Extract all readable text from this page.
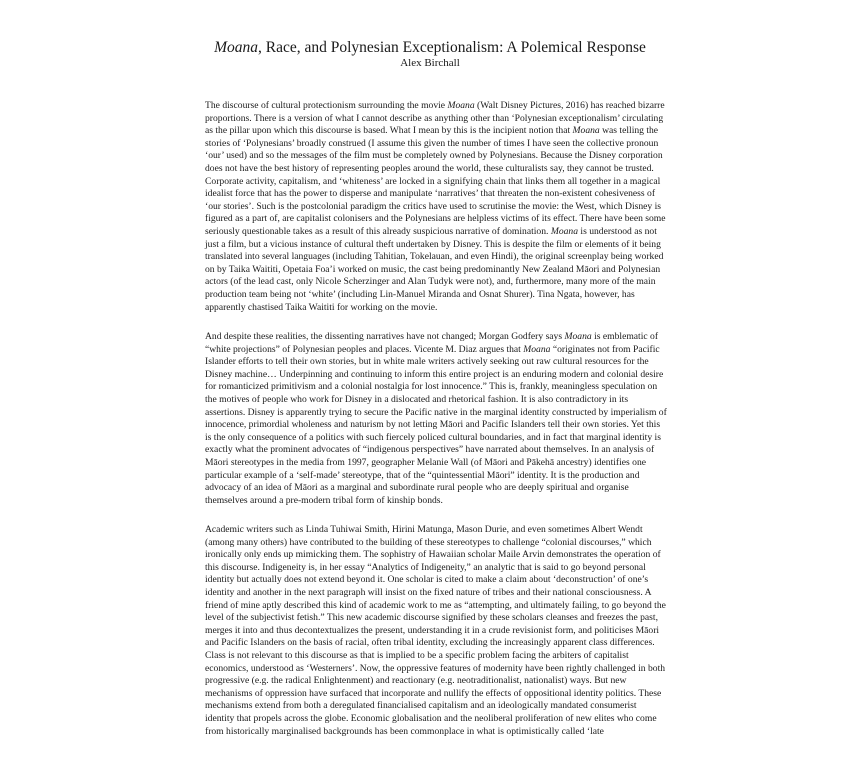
Moana, Race, and Polynesian Exceptionalism: A Polemical Response
Alex Birchall

The discourse of cultural protectionism surrounding the movie Moana (Walt Disney Pictures, 2016) has reached bizarre proportions. There is a version of what I cannot describe as anything other than ‘Polynesian exceptionalism’ circulating as the pillar upon which this discourse is based. What I mean by this is the incipient notion that Moana was telling the stories of ‘Polynesians’ broadly construed (I assume this given the number of times I have seen the collective pronoun ‘our’ used) and so the messages of the film must be completely owned by Polynesians. Because the Disney corporation does not have the best history of representing peoples around the world, these culturalists say, they cannot be trusted. Corporate activity, capitalism, and ‘whiteness’ are locked in a signifying chain that links them all together in a magical idealist force that has the power to disperse and manipulate ‘narratives’ that threaten the non-existent cohesiveness of ‘our stories’. Such is the postcolonial paradigm the critics have used to scrutinise the movie: the West, which Disney is figured as a part of, are capitalist colonisers and the Polynesians are helpless victims of its effect. There have been some seriously questionable takes as a result of this already suspicious narrative of domination. Moana is understood as not just a film, but a vicious instance of cultural theft undertaken by Disney. This is despite the film or elements of it being translated into several languages (including Tahitian, Tokelauan, and even Hindi), the original screenplay being worked on by Taika Waititi, Opetaia Foa’i worked on music, the cast being predominantly New Zealand Māori and Polynesian actors (of the lead cast, only Nicole Scherzinger and Alan Tudyk were not), and, furthermore, many more of the main production team being not ‘white’ (including Lin-Manuel Miranda and Osnat Shurer). Tina Ngata, however, has apparently chastised Taika Waititi for working on the movie.

And despite these realities, the dissenting narratives have not changed; Morgan Godfery says Moana is emblematic of “white projections” of Polynesian peoples and places. Vicente M. Diaz argues that Moana “originates not from Pacific Islander efforts to tell their own stories, but in white male writers actively seeking out raw cultural resources for the Disney machine… Underpinning and continuing to inform this entire project is an enduring modern and colonial desire for romanticized primitivism and a colonial nostalgia for lost innocence.” This is, frankly, meaningless speculation on the motives of people who work for Disney in a dislocated and rhetorical fashion. It is also contradictory in its assertions. Disney is apparently trying to secure the Pacific native in the marginal identity constructed by imperialism of innocence, primordial wholeness and naturism by not letting Māori and Pacific Islanders tell their own stories. Yet this is the only consequence of a politics with such fiercely policed cultural boundaries, and in fact that marginal identity is exactly what the prominent advocates of “indigenous perspectives” have narrated about themselves. In an analysis of Māori stereotypes in the media from 1997, geographer Melanie Wall (of Māori and Pākehā ancestry) identifies one particular example of a ‘self-made’ stereotype, that of the “quintessential Māori” identity. It is the production and advocacy of an idea of Māori as a marginal and subordinate rural people who are deeply spiritual and organise themselves around a pre-modern tribal form of kinship bonds.

Academic writers such as Linda Tuhiwai Smith, Hirini Matunga, Mason Durie, and even sometimes Albert Wendt (among many others) have contributed to the building of these stereotypes to challenge “colonial discourses,” which ironically only ends up mimicking them. The sophistry of Hawaiian scholar Maile Arvin demonstrates the operation of this discourse. Indigeneity is, in her essay “Analytics of Indigeneity,” an analytic that is said to go beyond personal identity but actually does not extend beyond it. One scholar is cited to make a claim about ‘deconstruction’ of one’s identity and another in the next paragraph will insist on the fixed nature of tribes and their national consciousness. A friend of mine aptly described this kind of academic work to me as “attempting, and ultimately failing, to go beyond the level of the subjectivist fetish.” This new academic discourse signified by these scholars cleanses and freezes the past, merges it into and thus decontextualizes the present, understanding it in a crude revisionist form, and politicises Māori and Pacific Islanders on the basis of racial, often tribal identity, excluding the increasingly apparent class differences. Class is not relevant to this discourse as that is implied to be a specific problem facing the arbiters of capitalist economics, understood as ‘Westerners’. Now, the oppressive features of modernity have been rightly challenged in both progressive (e.g. the radical Enlightenment) and reactionary (e.g. neotraditionalist, nationalist) ways. But new mechanisms of oppression have surfaced that incorporate and nullify the effects of oppositional identity politics. These mechanisms extend from both a deregulated financialised capitalism and an ideologically mandated consumerist identity that propels across the globe. Economic globalisation and the neoliberal proliferation of new elites who come from historically marginalised backgrounds has been commonplace in what is optimistically called ‘late
